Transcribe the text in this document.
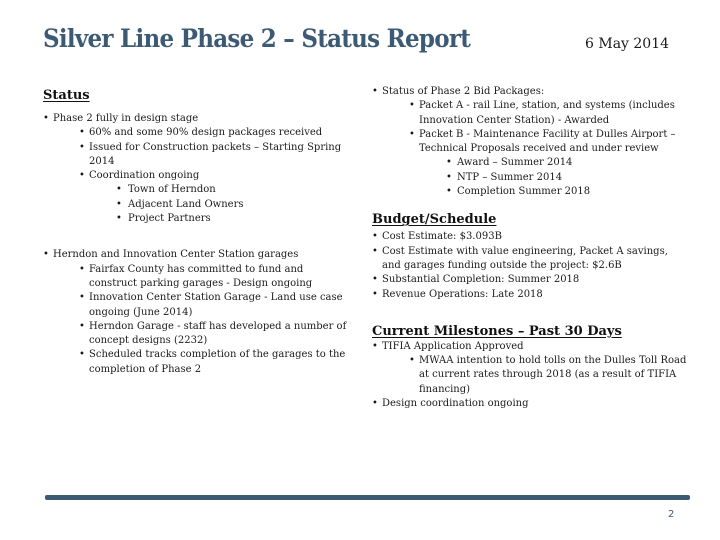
Silver Line Phase 2 – Status Report	6 May 2014
Status
• Phase 2 fully in design stage
• 60% and some 90% design packages received
• Issued for Construction packets – Starting Spring 2014
• Coordination ongoing
• Town of Herndon
• Adjacent Land Owners
• Project Partners
• Herndon and Innovation Center Station garages
• Fairfax County has committed to fund and construct parking garages - Design ongoing
• Innovation Center Station Garage - Land use case ongoing (June 2014)
• Herndon Garage - staff has developed a number of concept designs (2232)
• Scheduled tracks completion of the garages to the completion of Phase 2
• Status of Phase 2 Bid Packages:
• Packet A - rail Line, station, and systems (includes Innovation Center Station) - Awarded
• Packet B - Maintenance Facility at Dulles Airport – Technical Proposals received and under review
• Award – Summer 2014
• NTP – Summer 2014
• Completion Summer 2018
Budget/Schedule
• Cost Estimate: $3.093B
• Cost Estimate with value engineering, Packet A savings, and garages funding outside the project: $2.6B
• Substantial Completion: Summer 2018
• Revenue Operations: Late 2018
Current Milestones – Past 30 Days
• TIFIA Application Approved
• MWAA intention to hold tolls on the Dulles Toll Road at current rates through 2018 (as a result of TIFIA financing)
• Design coordination ongoing
2
